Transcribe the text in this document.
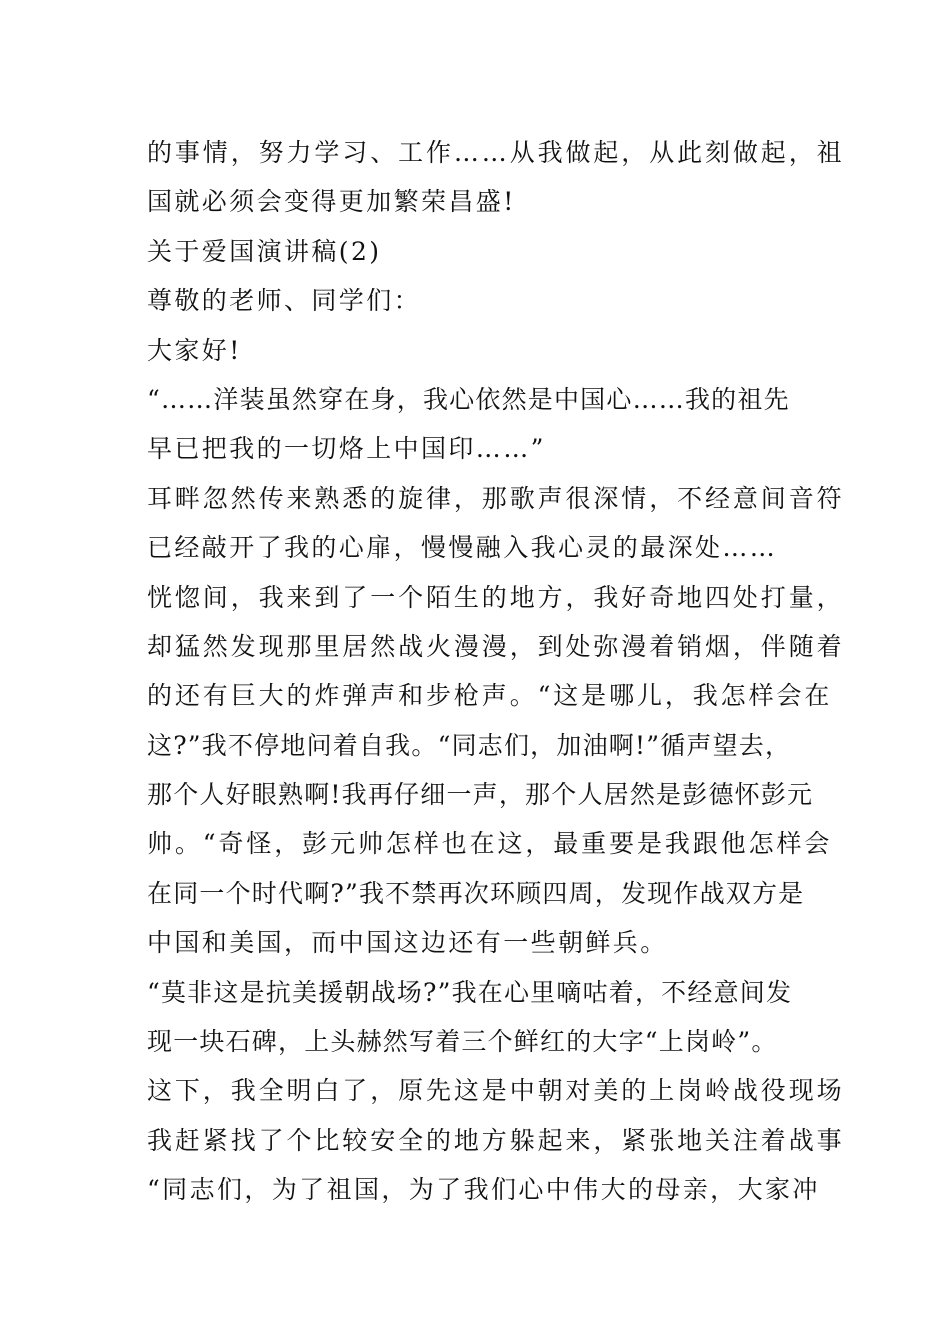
的事情，努力学习、工作……从我做起，从此刻做起，祖
国就必须会变得更加繁荣昌盛!
关于爱国演讲稿(2)
尊敬的老师、同学们：
大家好!
“……洋装虽然穿在身，我心依然是中国心……我的祖先
早已把我的一切烙上中国印……”
耳畔忽然传来熟悉的旋律，那歌声很深情，不经意间音符
已经敲开了我的心扉，慢慢融入我心灵的最深处……
恍惚间，我来到了一个陌生的地方，我好奇地四处打量，
却猛然发现那里居然战火漫漫，到处弥漫着销烟，伴随着
的还有巨大的炸弹声和步枪声。“这是哪儿，我怎样会在
这?”我不停地问着自我。“同志们，加油啊!”循声望去，
那个人好眼熟啊!我再仔细一声，那个人居然是彭德怀彭元
帅。“奇怪，彭元帅怎样也在这，最重要是我跟他怎样会
在同一个时代啊?”我不禁再次环顾四周，发现作战双方是
中国和美国，而中国这边还有一些朝鲜兵。
“莫非这是抗美援朝战场?”我在心里嘀咕着，不经意间发
现一块石碑，上头赫然写着三个鲜红的大字“上岗岭”。
这下，我全明白了，原先这是中朝对美的上岗岭战役现场
我赶紧找了个比较安全的地方躲起来，紧张地关注着战事
“同志们，为了祖国，为了我们心中伟大的母亲，大家冲
